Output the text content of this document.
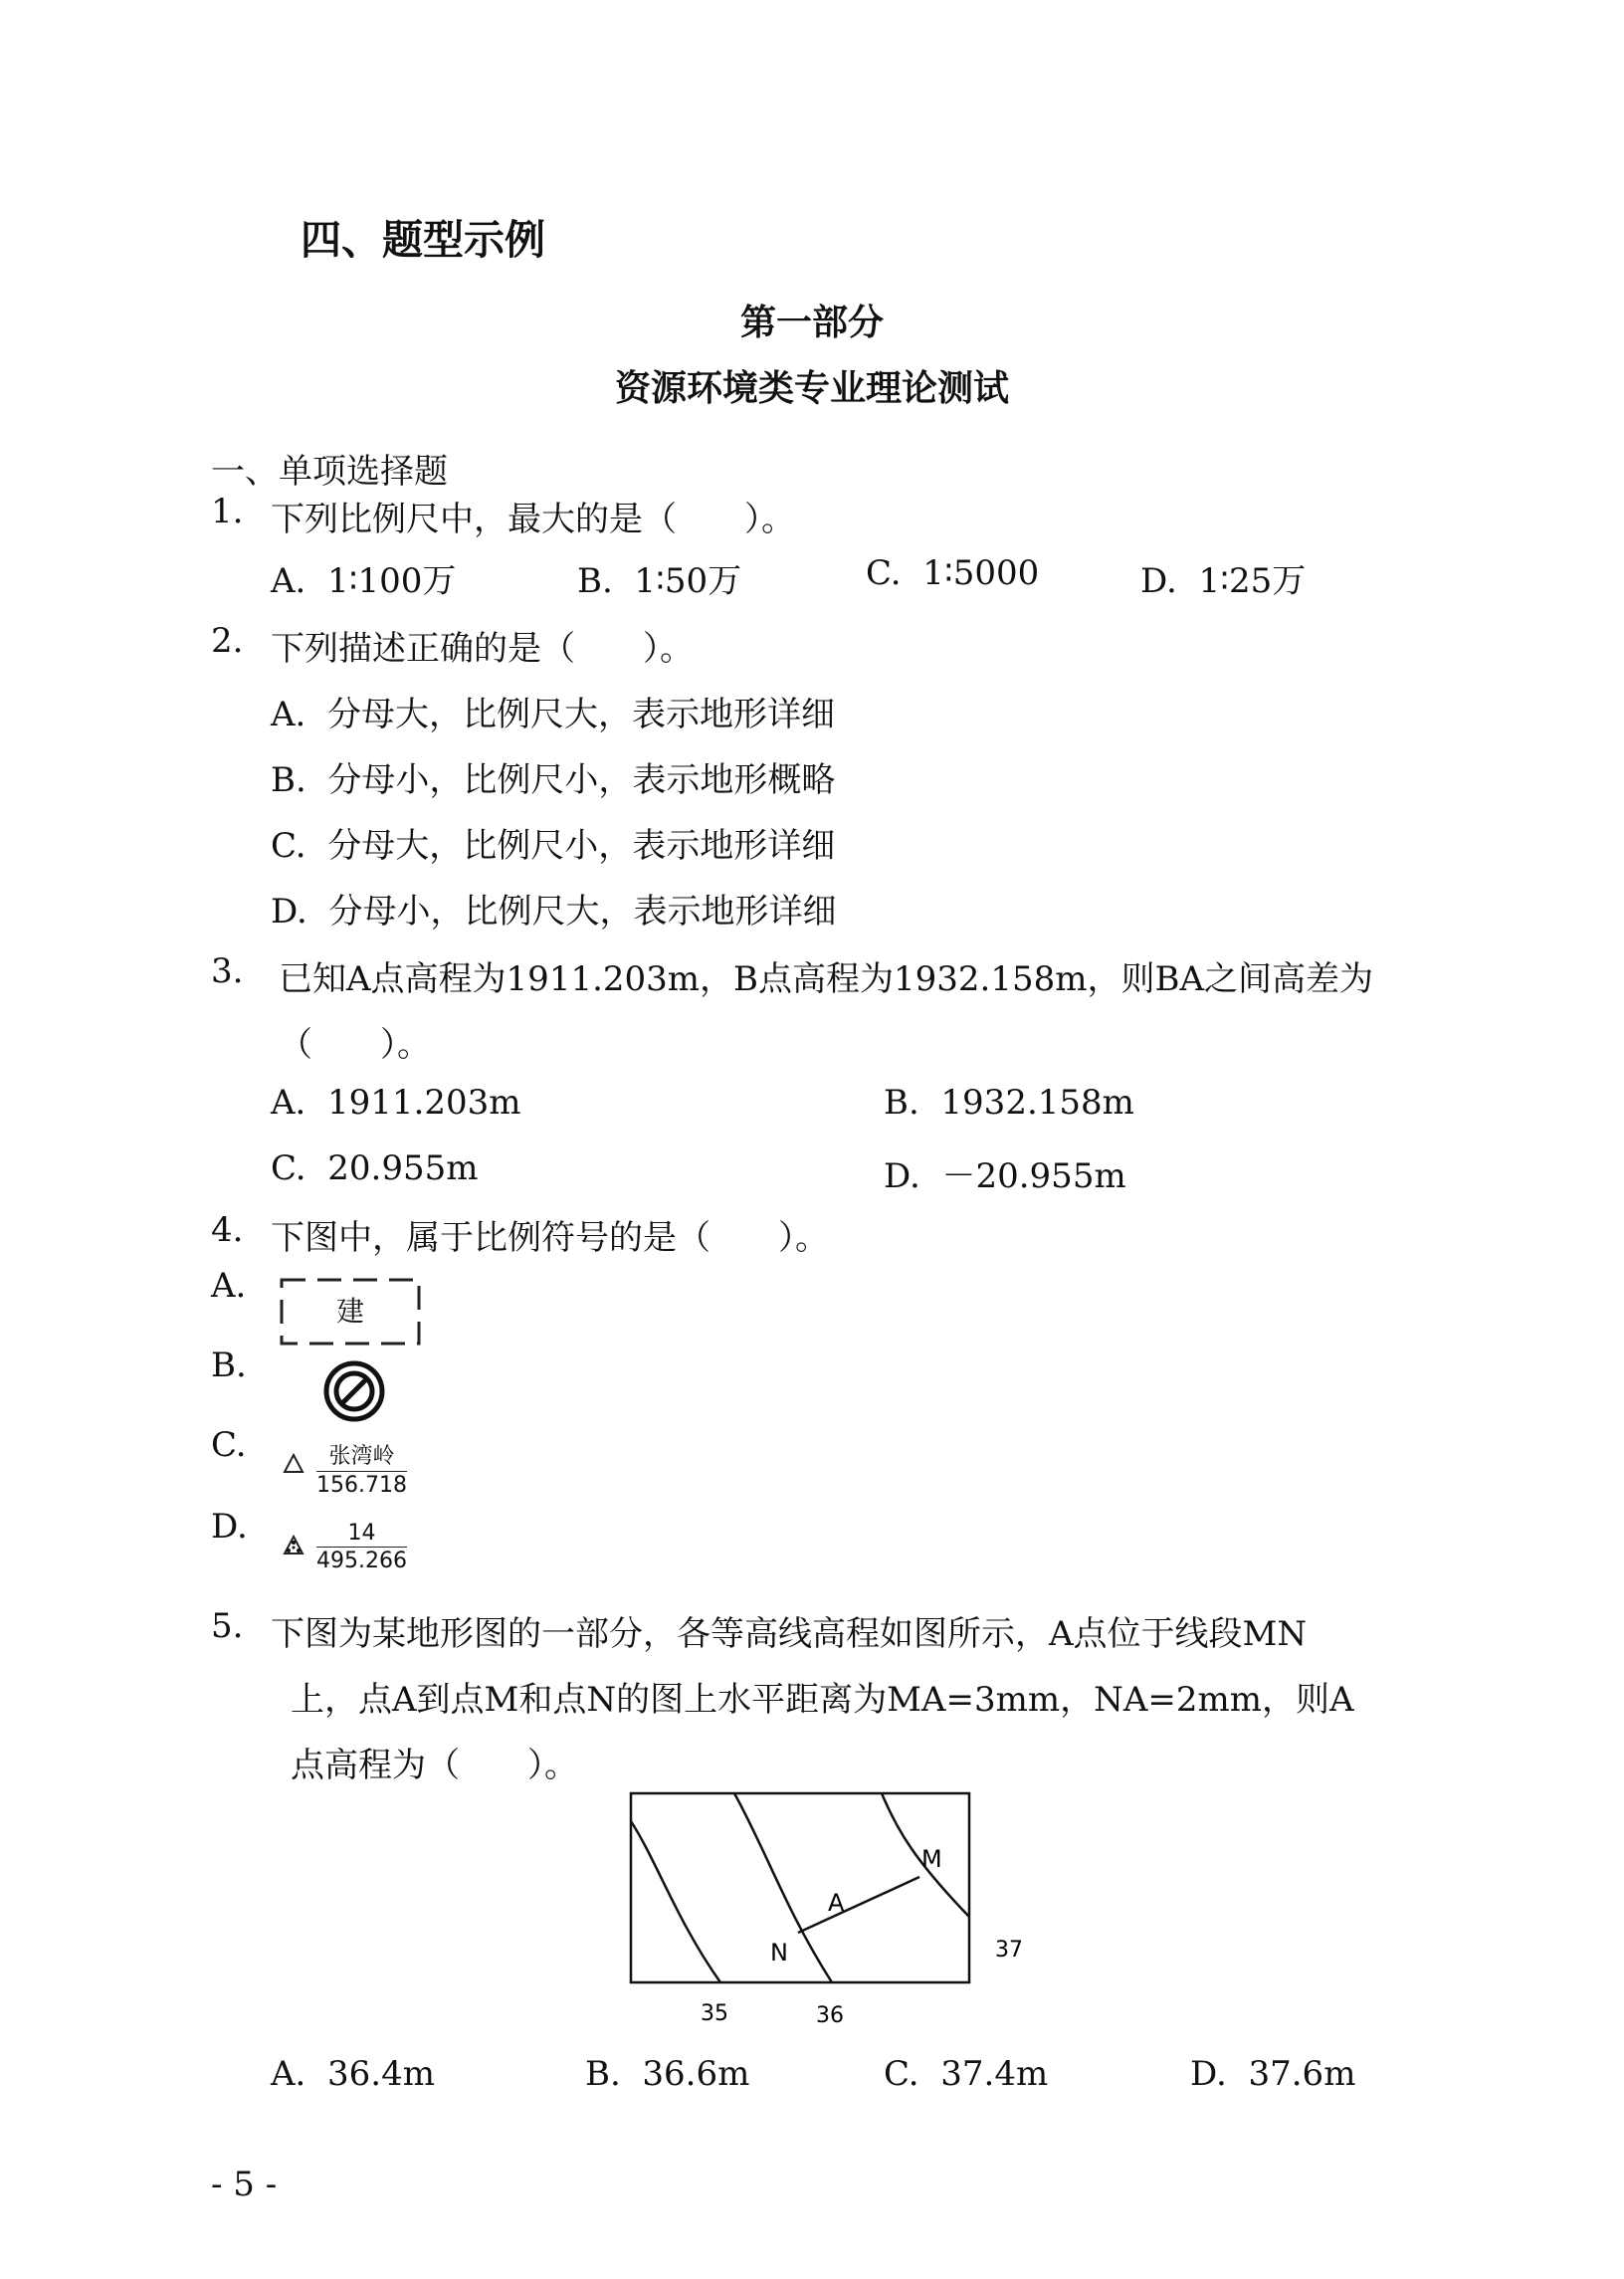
四、题型示例
第一部分
资源环境类专业理论测试
一、单项选择题
1. 下列比例尺中，最大的是（　　）。
A. 1∶100万	B. 1∶50万	C. 1∶5000	D. 1∶25万
2. 下列描述正确的是（　　）。
A. 分母大，比例尺大，表示地形详细
B. 分母小，比例尺小，表示地形概略
C. 分母大，比例尺小，表示地形详细
D. 分母小，比例尺大，表示地形详细
3. 已知A点高程为1911.203m，B点高程为1932.158m，则BA之间高差为
（　　）。
A. 1911.203m	B. 1932.158m
C. 20.955m	D. －20.955m
4. 下图中，属于比例符号的是（　　）。
A.
建
B.
C.	张湾岭
156.718
D.	$\frac{14}{495.266}$
5. 下图为某地形图的一部分，各等高线高程如图所示，A点位于线段MN
上，点A到点M和点N的图上水平距离为MA=3mm，NA=2mm，则A
点高程为（　　）。
M
A
N
35	36
37
A. 36.4m	B. 36.6m	C. 37.4m	D. 37.6m
- 5 -
